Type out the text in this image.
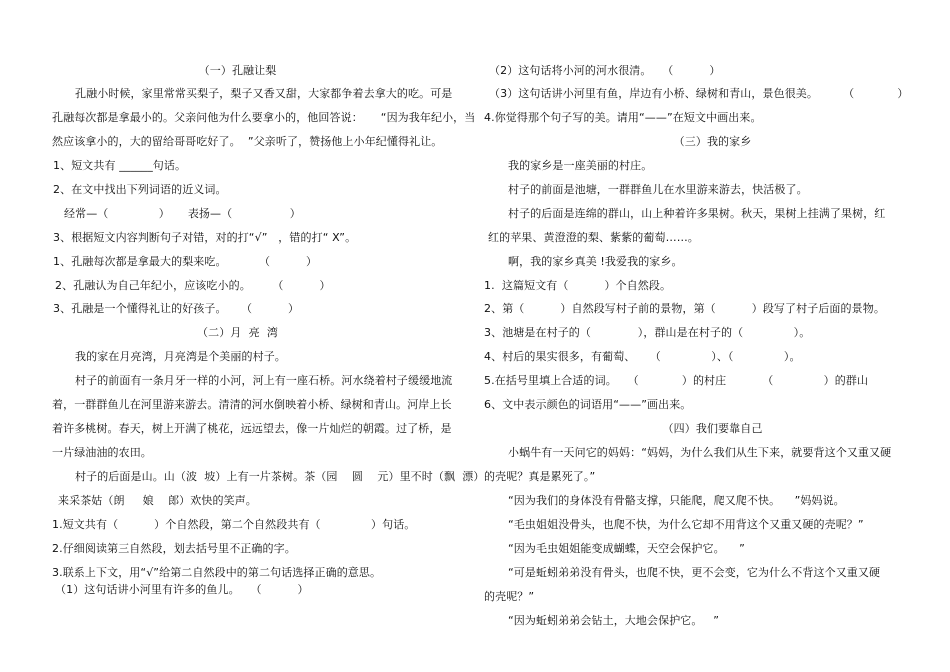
（一）孔融让梨
孔融小时候，家里常常买梨子，梨子又香又甜，大家都争着去拿大的吃。可是
孔融每次都是拿最小的。父亲问他为什么要拿小的，他回答说：     “因为我年纪小，当
然应该拿小的，大的留给哥哥吃好了。  ”父亲听了，赞扬他上小年纪懂得礼让。
1、短文共有 ______句话。
2、在文中找出下列词语的近义词。
经常—（              ）     表扬—（                ）
3、根据短文内容判断句子对错，对的打“√”   ，错的打“ X”。
1、孔融每次都是拿最大的梨来吃。         （          ）
2、孔融认为自己年纪小，应该吃小的。      （          ）
3、孔融是一个懂得礼让的好孩子。    （          ）
（二）月  亮  湾
我的家在月亮湾，月亮湾是个美丽的村子。
村子的前面有一条月牙一样的小河，河上有一座石桥。河水绕着村子缓缓地流
着，一群群鱼儿在河里游来游去。清清的河水倒映着小桥、绿树和青山。河岸上长
着许多桃树。春天，树上开满了桃花，远远望去，像一片灿烂的朝霞。过了桥，是
一片绿油油的农田。
村子的后面是山。山（波  坡）上有一片茶树。茶（园    圆    元）里不时（飘  漂）
来采茶姑（朗     娘    郎）欢快的笑声。
1.短文共有（          ）个自然段，第二个自然段共有（              ）句话。
2.仔细阅读第三自然段，划去括号里不正确的字。
3.联系上下文，用“√”给第二自然段中的第二句话选择正确的意思。
（1）这句话讲小河里有许多的鱼儿。   （          ）
（2）这句话将小河的河水很清。   （          ）
（3）这句话讲小河里有鱼，岸边有小桥、绿树和青山，景色很美。       （            ）
4.你觉得那个句子写的美。请用“——”在短文中画出来。
（三）我的家乡
我的家乡是一座美丽的村庄。
村子的前面是池塘，一群群鱼儿在水里游来游去，快活极了。
村子的后面是连绵的群山，山上种着许多果树。秋天，果树上挂满了果树，红
红的苹果、黄澄澄的梨、紫紫的葡萄……。
啊，我的家乡真美 !我爱我的家乡。
1.  这篇短文有（          ）个自然段。
2、第（          ）自然段写村子前的景物，第（          ）段写了村子后面的景物。
3、池塘是在村子的（             ），群山是在村子的（              ）。
4、村后的果实很多，有葡萄、    （              ）、（              ）。
5.在括号里填上合适的词。   （            ）的村庄          （              ）的群山
6、文中表示颜色的词语用“——”画出来。
（四）我们要靠自己
小蜗牛有一天问它的妈妈：“妈妈，为什么我们从生下来，就要背这个又重又硬
的壳呢？真是累死了。”
“因为我们的身体没有骨骼支撑，只能爬，爬又爬不快。    ”妈妈说。
“毛虫姐姐没骨头，也爬不快，为什么它却不用背这个又重又硬的壳呢？”
“因为毛虫姐姐能变成蝴蝶，天空会保护它。    ”
“可是蚯蚓弟弟没有骨头，也爬不快，更不会变，它为什么不背这个又重又硬
的壳呢？”
“因为蚯蚓弟弟会钻土，大地会保护它。   ”
